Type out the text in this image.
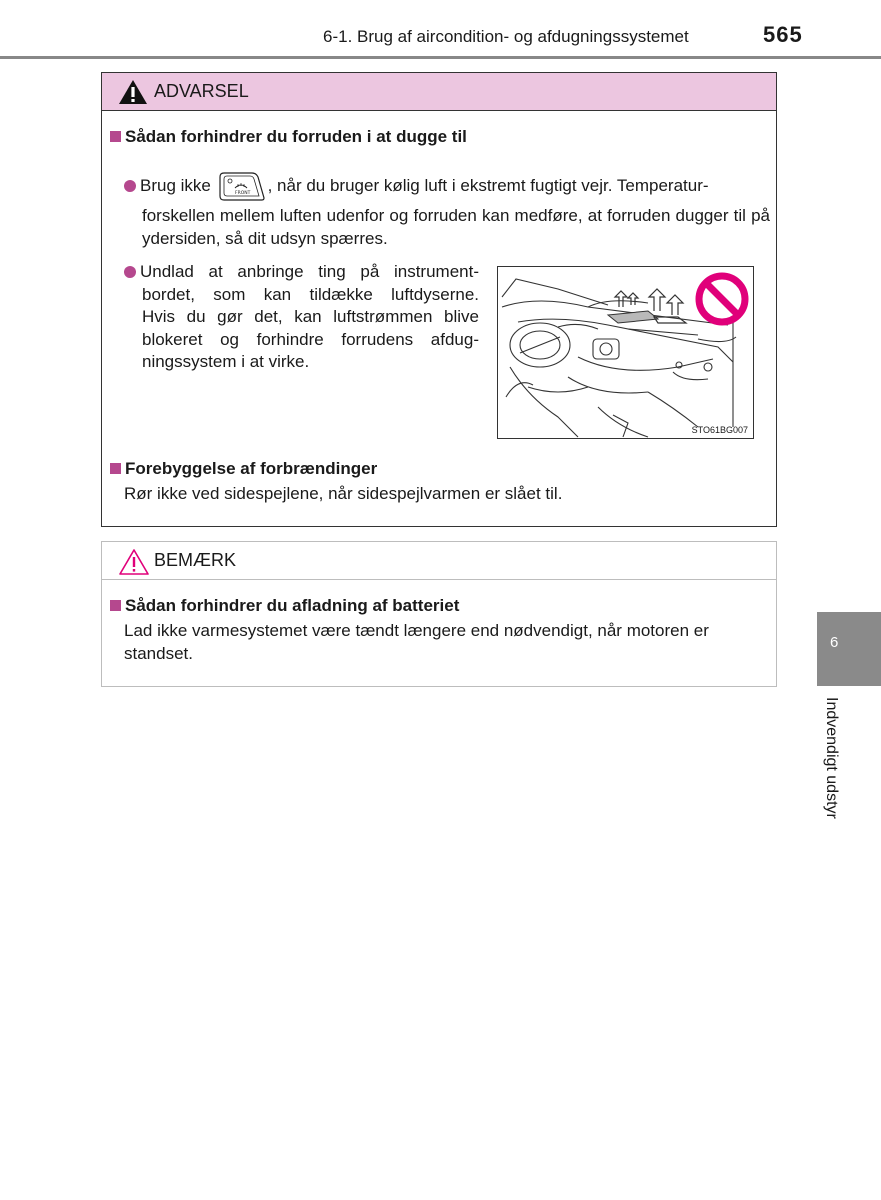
6-1. Brug af aircondition- og afdugningssystemet	565
ADVARSEL
Sådan forhindrer du forruden i at dugge til
Brug ikke	FRONT , når du bruger kølig luft i ekstremt fugtigt vejr. Temperatur-
forskellen mellem luften udenfor og forruden kan medføre, at forruden dugger til på ydersiden, så dit udsyn spærres.
Undlad at anbringe ting på instrument-
bordet, som kan tildække luftdyserne.
Hvis du gør det, kan luftstrømmen blive
blokeret og forhindre forrudens afdug-
ningssystem i at virke.
STO61BG007
Forebyggelse af forbrændinger
Rør ikke ved sidespejlene, når sidespejlvarmen er slået til.
BEMÆRK
Sådan forhindrer du afladning af batteriet
Lad ikke varmesystemet være tændt længere end nødvendigt, når motoren er standset.
6
Indvendigt udstyr
